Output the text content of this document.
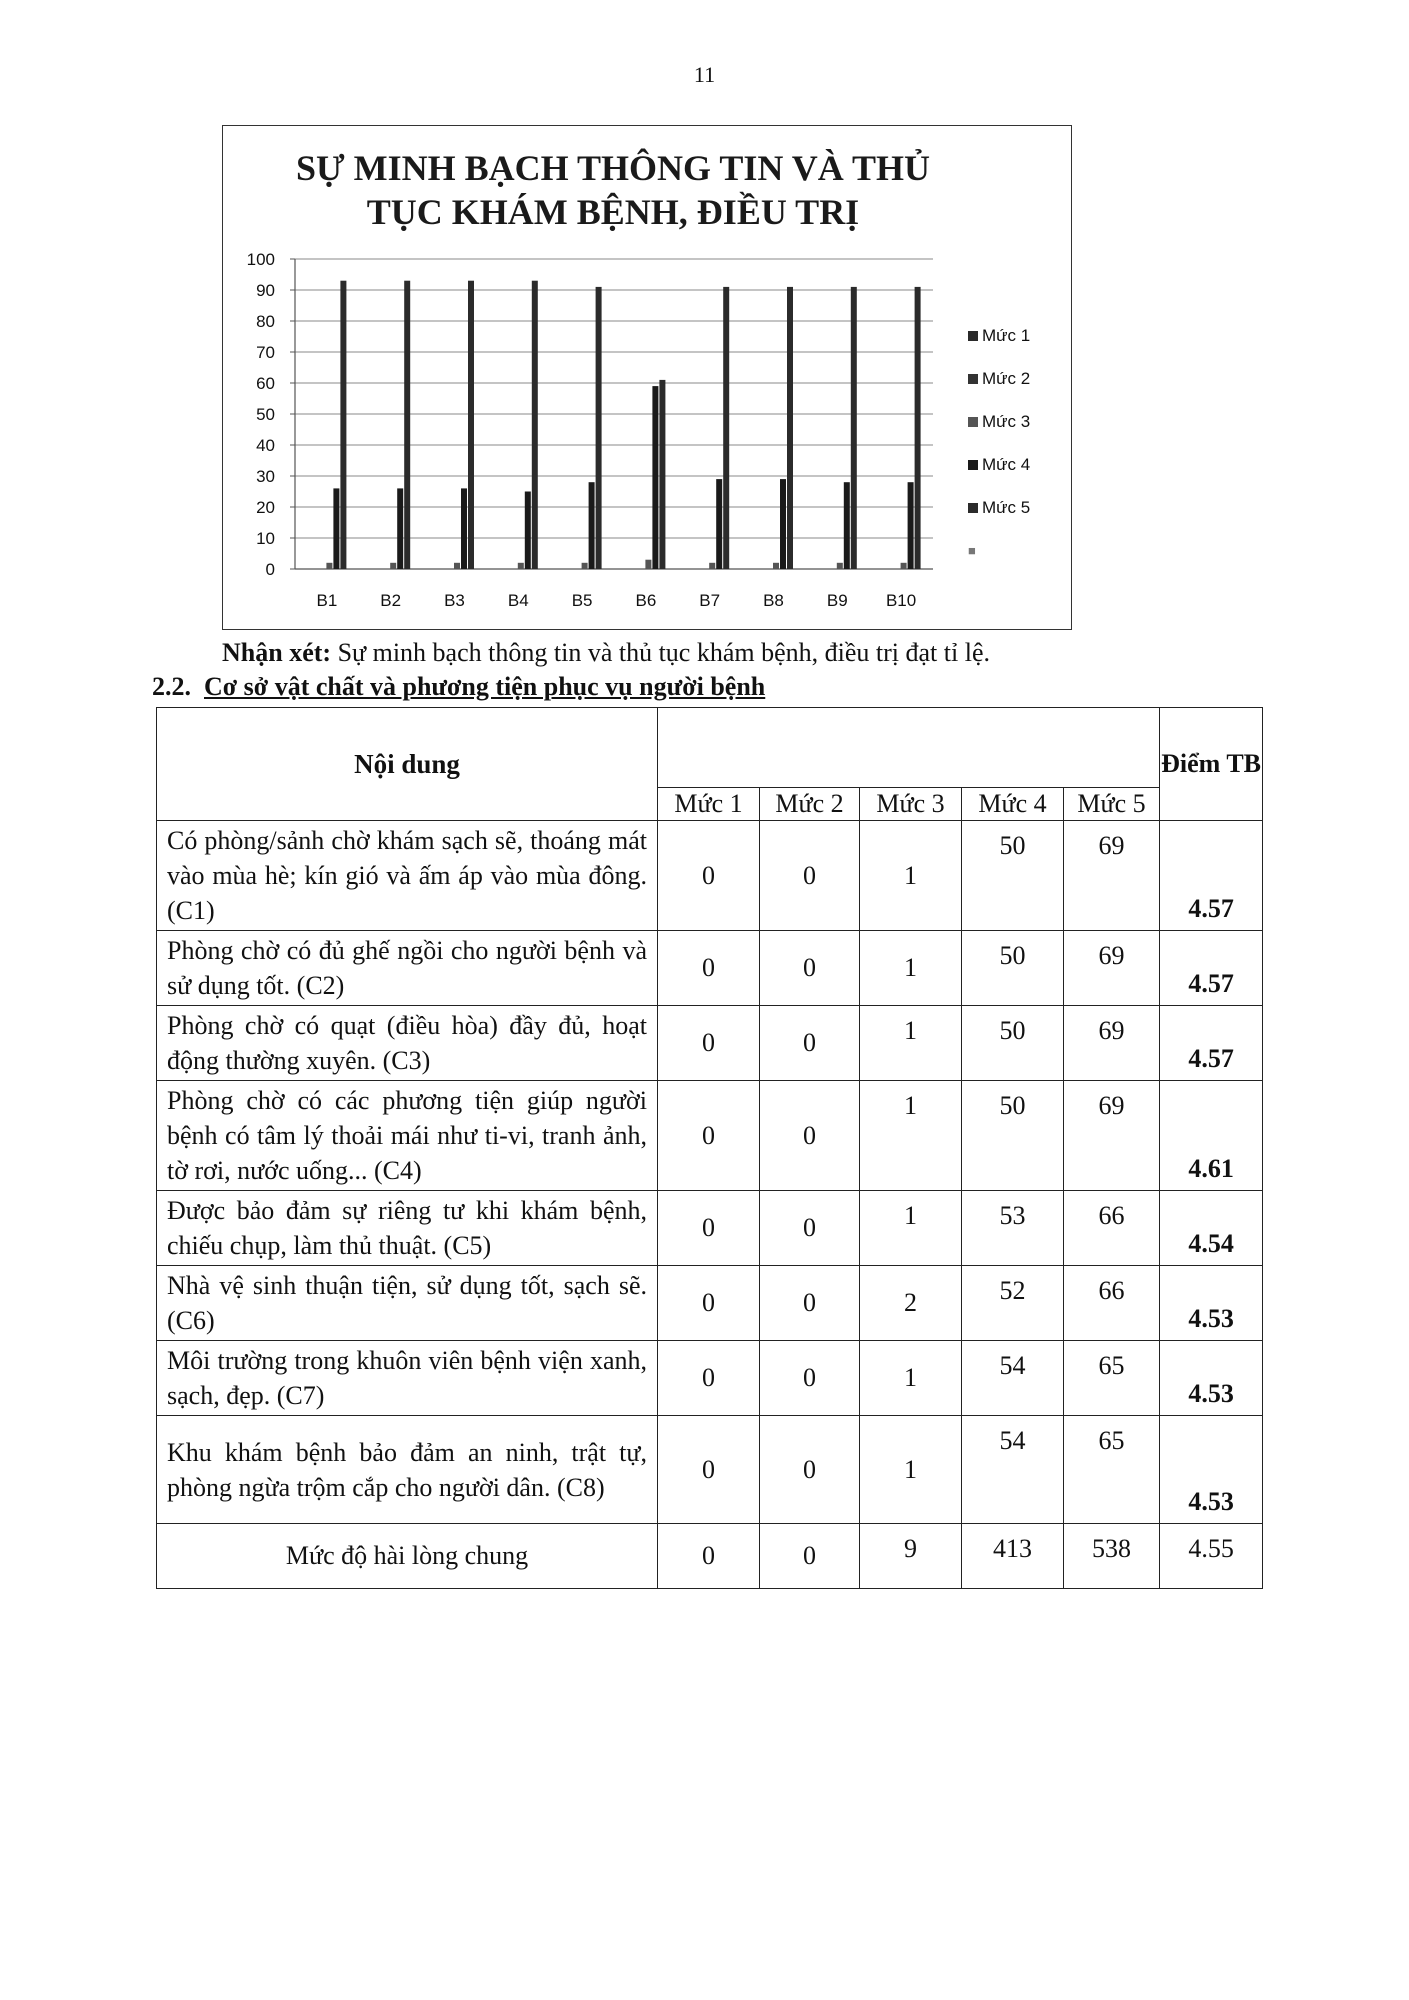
11
SỰ MINH BẠCH THÔNG TIN VÀ THỦ
TỤC KHÁM BỆNH, ĐIỀU TRỊ
0
10
20
30
40
50
60
70
80
90
100
B1	B2	B3	B4	B5	B6	B7	B8	B9 B10
Mức 1
Mức 2
Mức 3
Mức 4
Mức 5
■
Nhận xét: Sự minh bạch thông tin và thủ tục khám bệnh, điều trị đạt tỉ lệ.
2.2. Cơ sở vật chất và phương tiện phục vụ người bệnh
Nội dung						Điểm TB
	Mức 1	Mức 2	Mức 3	Mức 4	Mức 5	
Có phòng/sảnh chờ khám sạch sẽ, thoáng mát vào mùa hè; kín gió và ấm áp vào mùa đông. (C1)	0	0	1	50	69	4.57
Phòng chờ có đủ ghế ngồi cho người bệnh và sử dụng tốt. (C2)	0	0	1	50	69	4.57
Phòng chờ có quạt (điều hòa) đầy đủ, hoạt động thường xuyên. (C3)	0	0	1	50	69	4.57
Phòng chờ có các phương tiện giúp người bệnh có tâm lý thoải mái như ti-vi, tranh ảnh, tờ rơi, nước uống... (C4)	0	0	1	50	69	4.61
Được bảo đảm sự riêng tư khi khám bệnh, chiếu chụp, làm thủ thuật. (C5)	0	0	1	53	66	4.54
Nhà vệ sinh thuận tiện, sử dụng tốt, sạch sẽ. (C6)	0	0	2	52	66	4.53
Môi trường trong khuôn viên bệnh viện xanh, sạch, đẹp. (C7)	0	0	1	54	65	4.53
Khu khám bệnh bảo đảm an ninh, trật tự, phòng ngừa trộm cắp cho người dân. (C8)	0	0	1	54	65	4.53
Mức độ hài lòng chung	0	0	9	413	538	4.55
